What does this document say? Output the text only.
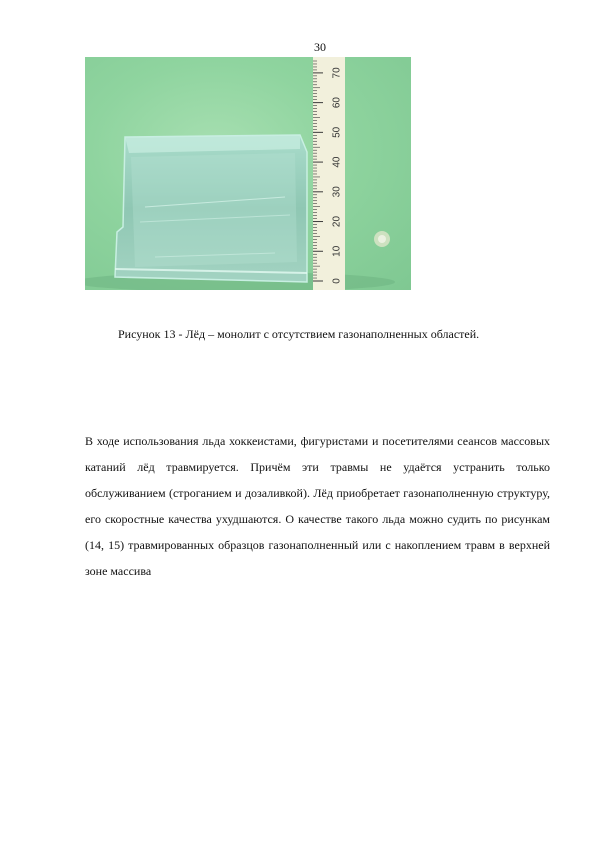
30
0
10
20
30
40
50
60
70
Рисунок 13 - Лёд – монолит с отсутствием газонаполненных областей.

В ходе использования льда хоккеистами, фигуристами и посетителями сеансов массовых катаний лёд травмируется. Причём эти травмы не удаётся устранить только обслуживанием (строганием и дозаливкой). Лёд приобретает газонаполненную структуру, его скоростные качества ухудшаются. О качестве такого льда можно судить по рисункам (14, 15) травмированных образцов газонаполненный или с накоплением травм в верхней зоне массива
